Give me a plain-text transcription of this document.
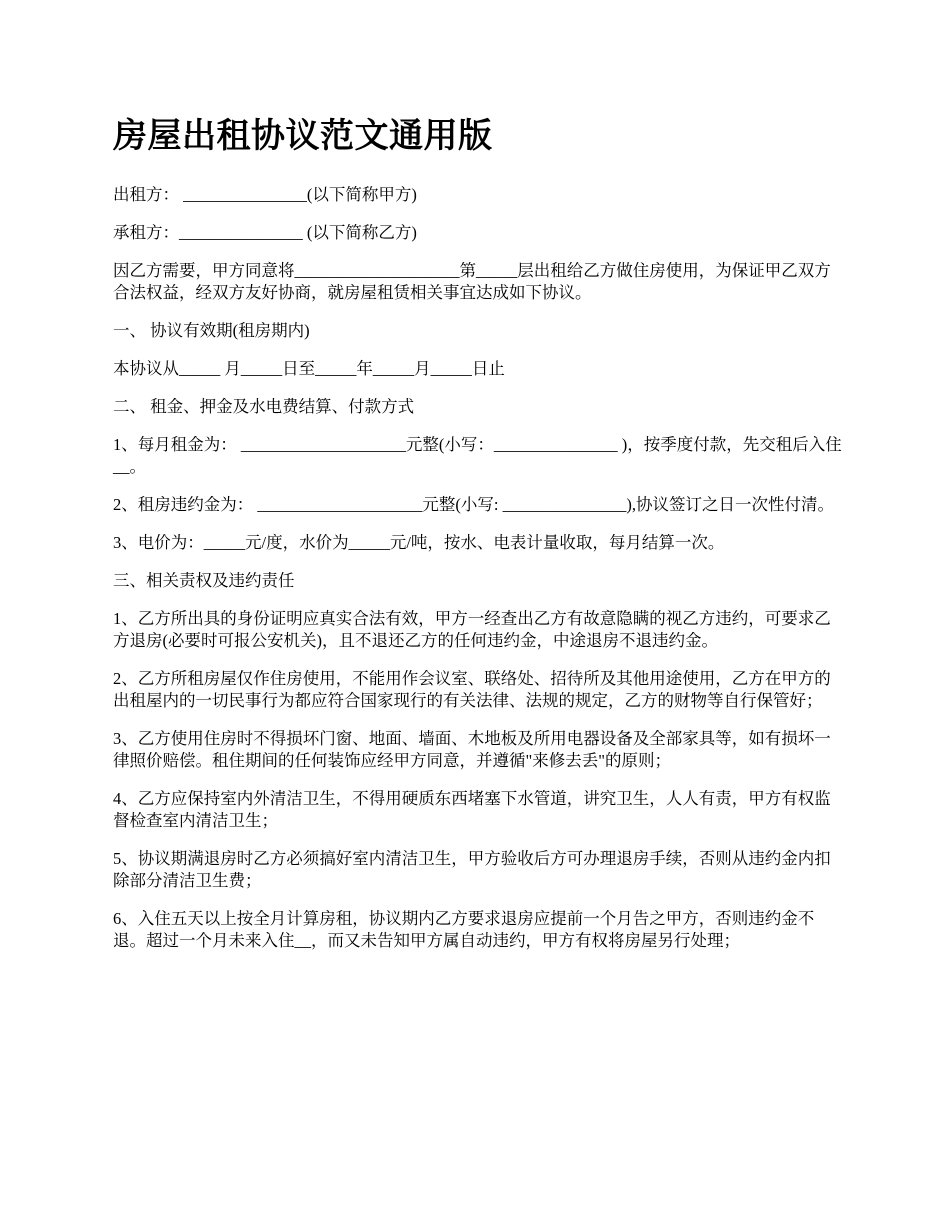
房屋出租协议范文通用版

出租方： _______________(以下简称甲方)

承租方：_______________ (以下简称乙方)

因乙方需要，甲方同意将____________________第_____层出租给乙方做住房使用，为保证甲乙双方合法权益，经双方友好协商，就房屋租赁相关事宜达成如下协议。

一、 协议有效期(租房期内)

本协议从_____ 月_____日至_____年_____月_____日止

二、 租金、押金及水电费结算、付款方式

1、每月租金为： ____________________元整(小写：_______________ )，按季度付款，先交租后入住__。

2、租房违约金为： ____________________元整(小写: _______________),协议签订之日一次性付清。

3、电价为：_____元/度，水价为_____元/吨，按水、电表计量收取，每月结算一次。

三、相关责权及违约责任

1、乙方所出具的身份证明应真实合法有效，甲方一经查出乙方有故意隐瞒的视乙方违约，可要求乙方退房(必要时可报公安机关)，且不退还乙方的任何违约金，中途退房不退违约金。

2、乙方所租房屋仅作住房使用，不能用作会议室、联络处、招待所及其他用途使用，乙方在甲方的出租屋内的一切民事行为都应符合国家现行的有关法律、法规的规定，乙方的财物等自行保管好；

3、乙方使用住房时不得损坏门窗、地面、墙面、木地板及所用电器设备及全部家具等，如有损坏一律照价赔偿。租住期间的任何装饰应经甲方同意，并遵循"来修去丢"的原则；

4、乙方应保持室内外清洁卫生，不得用硬质东西堵塞下水管道，讲究卫生，人人有责，甲方有权监督检查室内清洁卫生；

5、协议期满退房时乙方必须搞好室内清洁卫生，甲方验收后方可办理退房手续，否则从违约金内扣除部分清洁卫生费；

6、入住五天以上按全月计算房租，协议期内乙方要求退房应提前一个月告之甲方，否则违约金不退。超过一个月未来入住__，而又未告知甲方属自动违约，甲方有权将房屋另行处理；
